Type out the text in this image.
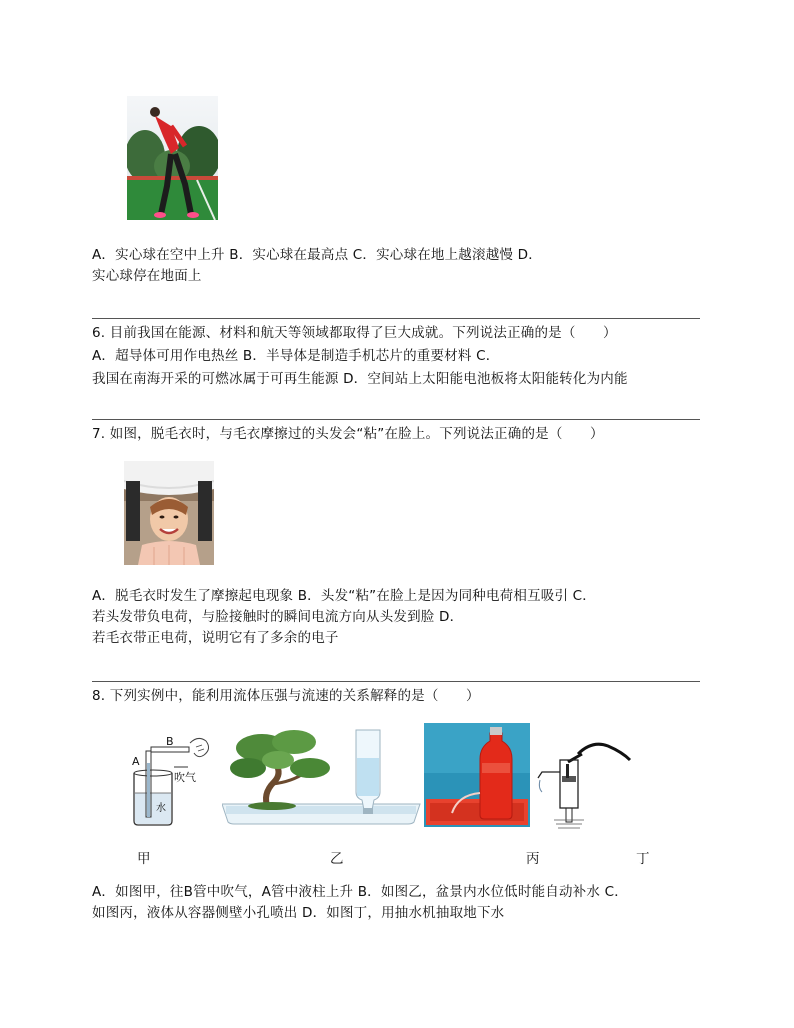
A．实心球在空中上升 B．实心球在最高点 C．实心球在地上越滚越慢 D．
实心球停在地面上
6. 目前我国在能源、材料和航天等领域都取得了巨大成就。下列说法正确的是（　　）
A．超导体可用作电热丝 B．半导体是制造手机芯片的重要材料 C．
我国在南海开采的可燃冰属于可再生能源 D．空间站上太阳能电池板将太阳能转化为内能
7. 如图，脱毛衣时，与毛衣摩擦过的头发会“粘”在脸上。下列说法正确的是（　　）
A．脱毛衣时发生了摩擦起电现象 B．头发“粘”在脸上是因为同种电荷相互吸引 C．
若头发带负电荷，与脸接触时的瞬间电流方向从头发到脸 D．
若毛衣带正电荷，说明它有了多余的电子
8. 下列实例中，能利用流体压强与流速的关系解释的是（　　）
A
B
吹气
水
甲	乙	丙	丁
A．如图甲，往B管中吹气，A管中液柱上升 B．如图乙，盆景内水位低时能自动补水 C．
如图丙，液体从容器侧壁小孔喷出 D．如图丁，用抽水机抽取地下水
